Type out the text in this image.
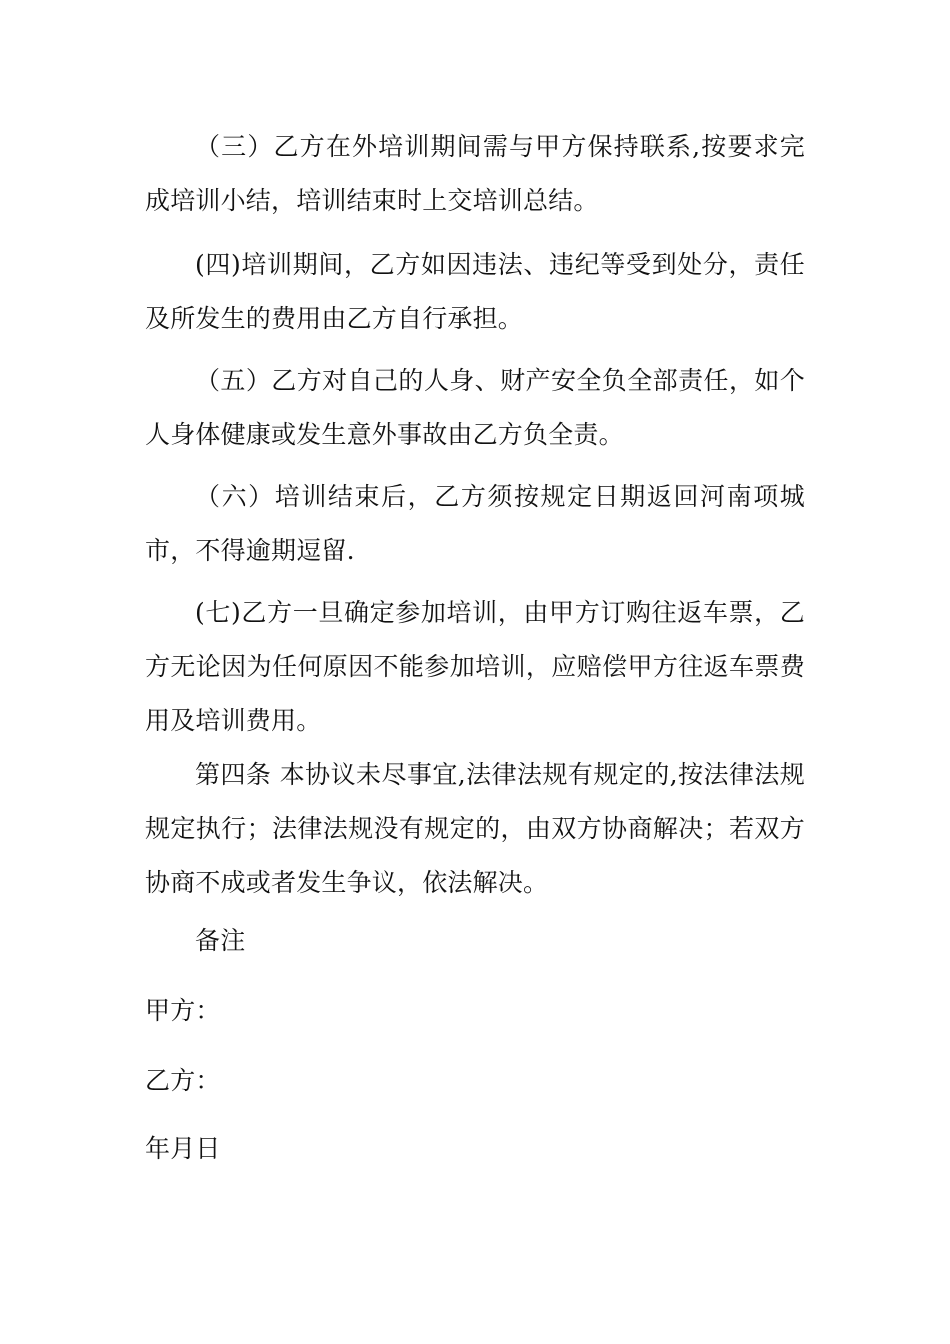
（三）乙方在外培训期间需与甲方保持联系,按要求完成培训小结，培训结束时上交培训总结。

(四)培训期间，乙方如因违法、违纪等受到处分，责任及所发生的费用由乙方自行承担。

（五）乙方对自己的人身、财产安全负全部责任，如个人身体健康或发生意外事故由乙方负全责。

（六）培训结束后，乙方须按规定日期返回河南项城市，不得逾期逗留.

(七)乙方一旦确定参加培训，由甲方订购往返车票，乙方无论因为任何原因不能参加培训，应赔偿甲方往返车票费用及培训费用。

第四条 本协议未尽事宜,法律法规有规定的,按法律法规规定执行；法律法规没有规定的，由双方协商解决；若双方协商不成或者发生争议，依法解决。

备注

甲方：

乙方：

年月日
